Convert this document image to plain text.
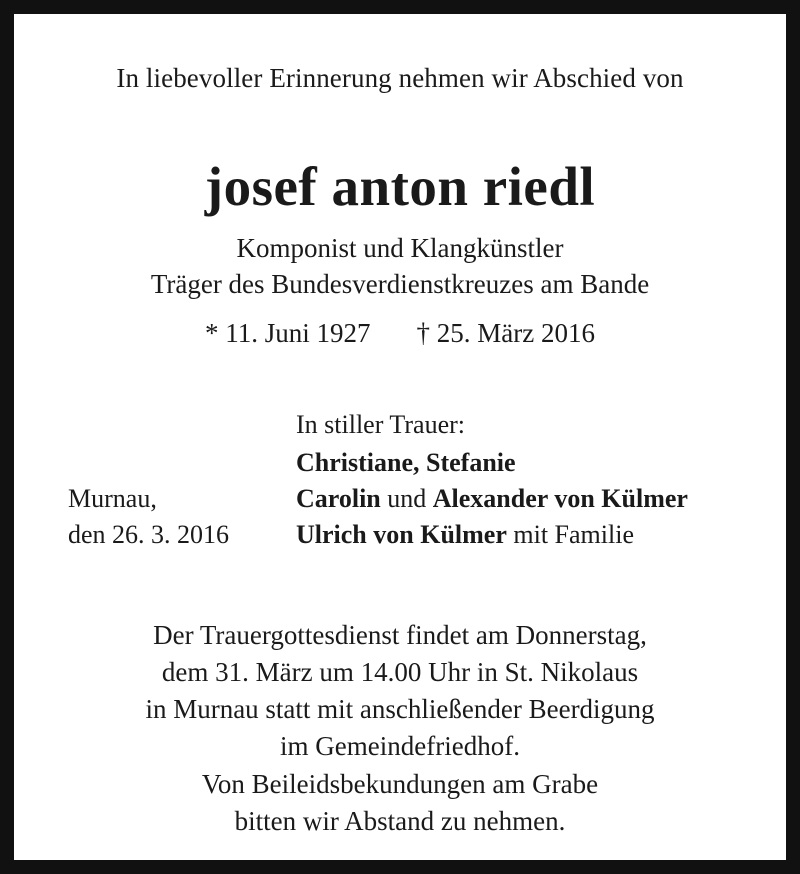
In liebevoller Erinnerung nehmen wir Abschied von
josef anton riedl
Komponist und Klangkünstler
Träger des Bundesverdienstkreuzes am Bande
* 11. Juni 1927 † 25. März 2016
Murnau,
den 26. 3. 2016
In stiller Trauer:
Christiane, Stefanie
Carolin und Alexander von Külmer
Ulrich von Külmer mit Familie
Der Trauergottesdienst findet am Donnerstag,
dem 31. März um 14.00 Uhr in St. Nikolaus
in Murnau statt mit anschließender Beerdigung
im Gemeindefriedhof.
Von Beileidsbekundungen am Grabe
bitten wir Abstand zu nehmen.
